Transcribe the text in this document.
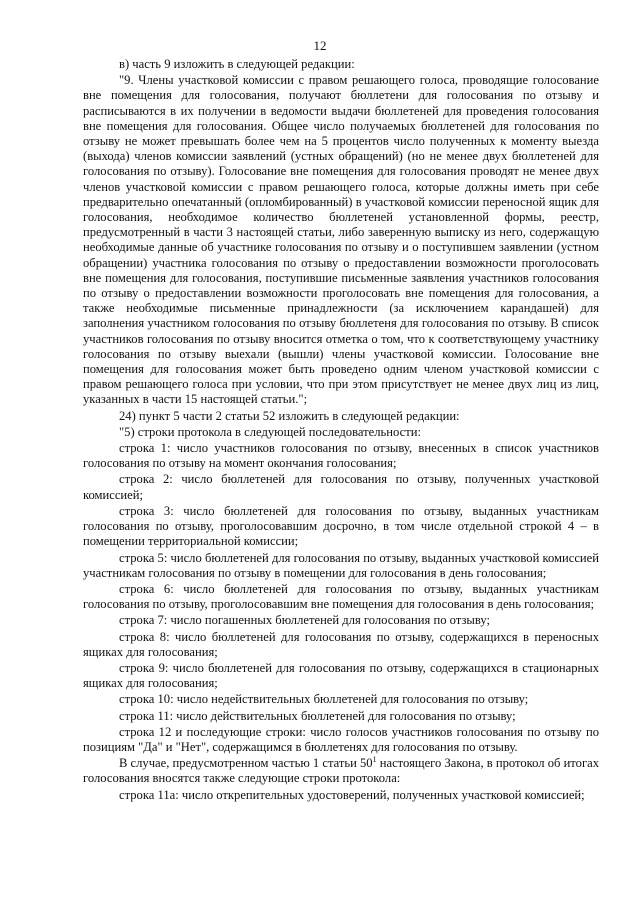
12

в) часть 9 изложить в следующей редакции:

"9. Члены участковой комиссии с правом решающего голоса, проводящие голосование вне помещения для голосования, получают бюллетени для голосования по отзыву и расписываются в их получении в ведомости выдачи бюллетеней для проведения голосования вне помещения для голосования. Общее число получаемых бюллетеней для голосования по отзыву не может превышать более чем на 5 процентов число полученных к моменту выезда (выхода) членов комиссии заявлений (устных обращений) (но не менее двух бюллетеней для голосования по отзыву). Голосование вне помещения для голосования проводят не менее двух членов участковой комиссии с правом решающего голоса, которые должны иметь при себе предварительно опечатанный (опломбированный) в участковой комиссии переносной ящик для голосования, необходимое количество бюллетеней установленной формы, реестр, предусмотренный в части 3 настоящей статьи, либо заверенную выписку из него, содержащую необходимые данные об участнике голосования по отзыву и о поступившем заявлении (устном обращении) участника голосования по отзыву о предоставлении возможности проголосовать вне помещения для голосования, поступившие письменные заявления участников голосования по отзыву о предоставлении возможности проголосовать вне помещения для голосования, а также необходимые письменные принадлежности (за исключением карандашей) для заполнения участником голосования по отзыву бюллетеня для голосования по отзыву. В список участников голосования по отзыву вносится отметка о том, что к соответствующему участнику голосования по отзыву выехали (вышли) члены участковой комиссии. Голосование вне помещения для голосования может быть проведено одним членом участковой комиссии с правом решающего голоса при условии, что при этом присутствует не менее двух лиц из лиц, указанных в части 15 настоящей статьи.";

24) пункт 5 части 2 статьи 52 изложить в следующей редакции:

"5) строки протокола в следующей последовательности:

строка 1: число участников голосования по отзыву, внесенных в список участников голосования по отзыву на момент окончания голосования;

строка 2: число бюллетеней для голосования по отзыву, полученных участковой комиссией;

строка 3: число бюллетеней для голосования по отзыву, выданных участникам голосования по отзыву, проголосовавшим досрочно, в том числе отдельной строкой 4 – в помещении территориальной комиссии;

строка 5: число бюллетеней для голосования по отзыву, выданных участковой комиссией участникам голосования по отзыву в помещении для голосования в день голосования;

строка 6: число бюллетеней для голосования по отзыву, выданных участникам голосования по отзыву, проголосовавшим вне помещения для голосования в день голосования;

строка 7: число погашенных бюллетеней для голосования по отзыву;

строка 8: число бюллетеней для голосования по отзыву, содержащихся в переносных ящиках для голосования;

строка 9: число бюллетеней для голосования по отзыву, содержащихся в стационарных ящиках для голосования;

строка 10: число недействительных бюллетеней для голосования по отзыву;

строка 11: число действительных бюллетеней для голосования по отзыву;

строка 12 и последующие строки: число голосов участников голосования по отзыву по позициям "Да" и "Нет", содержащимся в бюллетенях для голосования по отзыву.

В случае, предусмотренном частью 1 статьи $50^1$ настоящего Закона, в протокол об итогах голосования вносятся также следующие строки протокола:

строка 11а: число открепительных удостоверений, полученных участковой комиссией;
